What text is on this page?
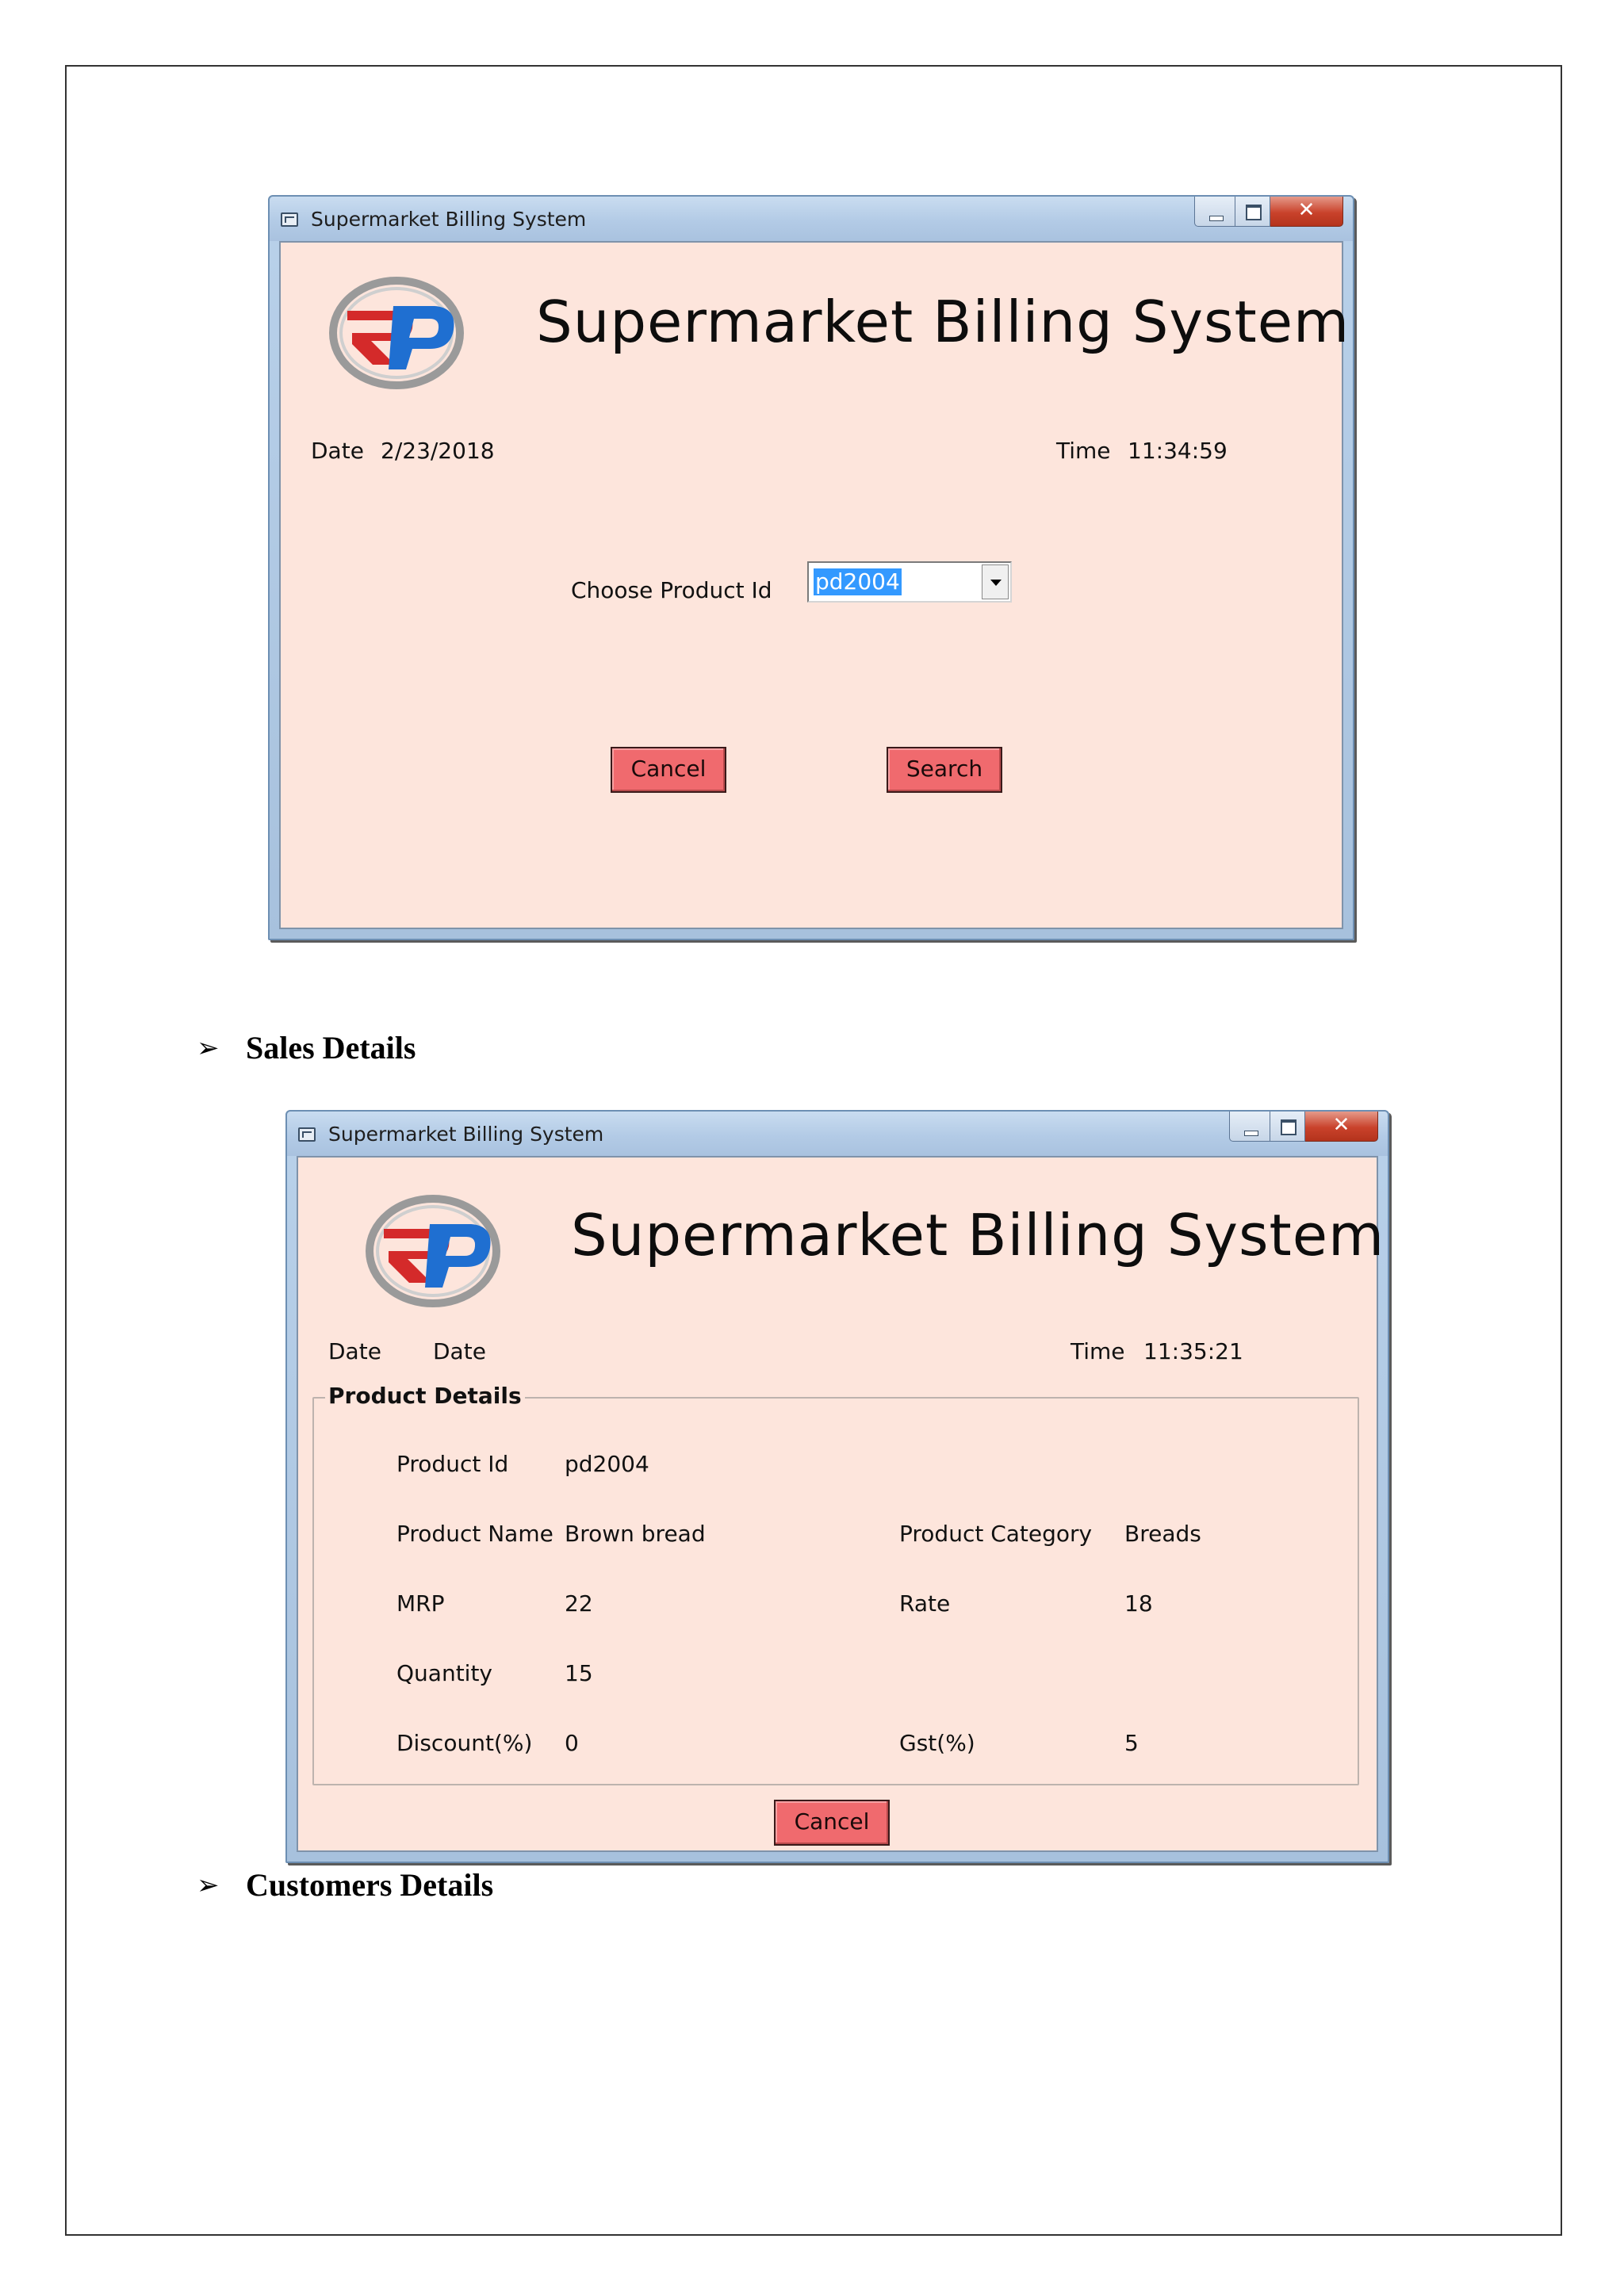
Supermarket Billing System	✕
Supermarket Billing System
Date 2/23/2018	Time 11:34:59
Choose Product Id pd2004
Cancel	Search
➢ Sales Details
Supermarket Billing System	✕
Supermarket Billing System
Date Date	Time 11:35:21
Product Details
Product Id	pd2004
Product Name Brown bread	Product Category Breads
MRP	22	Rate	18
Quantity	15
Discount(%) 0	Gst(%)	5
Cancel
➢ Customers Details
